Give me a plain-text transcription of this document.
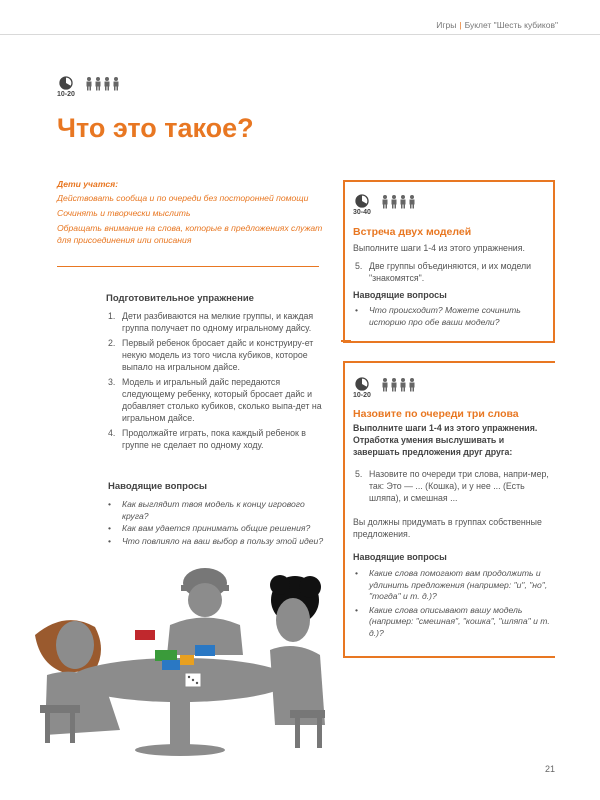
Игры | Буклет "Шесть кубиков"
10-20
Что это такое?
Дети учатся:

Действовать сообща и по очереди без посторонней помощи

Сочинять и творчески мыслить

Обращать внимание на слова, которые в предложениях служат для присоединения или описания

Подготовительное упражнение
1. Дети разбиваются на мелкие группы, и каждая группа получает по одному игральному дайсу.
2. Первый ребенок бросает дайс и конструиру-ет некую модель из того числа кубиков, которое выпало на игральном дайсе.
3. Модель и игральный дайс передаются следующему ребенку, который бросает дайс и добавляет столько кубиков, сколько выпа-дет на игральном дайсе.
4. Продолжайте играть, пока каждый ребенок в группе не сделает по одному ходу.
Наводящие вопросы
•	Как выглядит твоя модель к концу игрового круга?
•	Как вам удается принимать общие решения?
•	Что повлияло на ваш выбор в пользу этой идеи?
30-40
Встреча двух моделей

Выполните шаги 1-4 из этого упражнения.

5. Две группы объединяются, и их модели "знакомятся".
Наводящие вопросы
•	Что происходит? Можете сочинить историю про обе ваши модели?
10-20
Назовите по очереди три слова

Выполните шаги 1-4 из этого упражнения. Отработка умения выслушивать и завершать предложения друг друга:

5. Назовите по очереди три слова, напри-мер, так: Это — ... (Кошка), и у нее ... (Есть шляпа), и смешная ...

Вы должны придумать в группах собственные предложения.

Наводящие вопросы
•	Какие слова помогают вам продолжить и удлинить предложения (например: "и", "но", "тогда" и т. д.)?
•	Какие слова описывают вашу модель (например: "смешная", "кошка", "шляпа" и т. д.)?
21
